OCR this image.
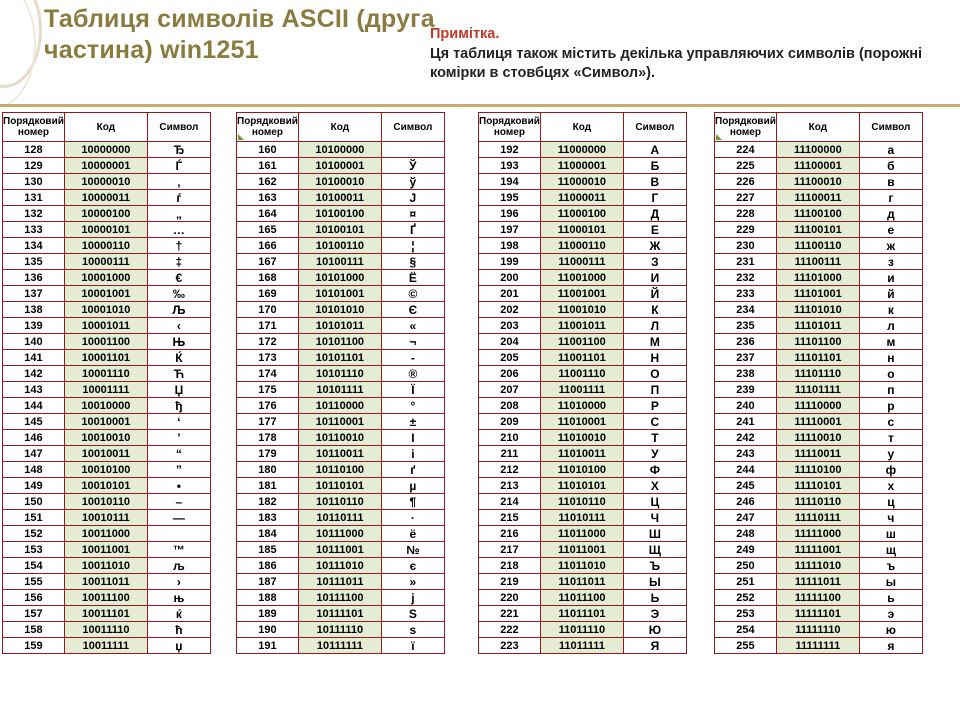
Таблиця символів ASCII (друга частина) win1251
Примітка.
Ця таблиця також містить декілька управляючих символів (порожні комірки в стовбцях «Символ»).
Порядковий номер	Код	Символ
128	10000000	Ђ
129	10000001	Ѓ
130	10000010	‚
131	10000011	ѓ
132	10000100	„
133	10000101	…
134	10000110	†
135	10000111	‡
136	10001000	€
137	10001001	‰
138	10001010	Љ
139	10001011	‹
140	10001100	Њ
141	10001101	Ќ
142	10001110	Ћ
143	10001111	Џ
144	10010000	ђ
145	10010001	‘
146	10010010	’
147	10010011	“
148	10010100	”
149	10010101	•
150	10010110	–
151	10010111	—
152	10011000	
153	10011001	™
154	10011010	љ
155	10011011	›
156	10011100	њ
157	10011101	ќ
158	10011110	ћ
159	10011111	џ
Порядковий номер	Код	Символ
160	10100000	
161	10100001	Ў
162	10100010	ў
163	10100011	Ј
164	10100100	¤
165	10100101	Ґ
166	10100110	¦
167	10100111	§
168	10101000	Ё
169	10101001	©
170	10101010	Є
171	10101011	«
172	10101100	¬
173	10101101	-
174	10101110	®
175	10101111	Ї
176	10110000	°
177	10110001	±
178	10110010	І
179	10110011	і
180	10110100	ґ
181	10110101	µ
182	10110110	¶
183	10110111	·
184	10111000	ё
185	10111001	№
186	10111010	є
187	10111011	»
188	10111100	ј
189	10111101	Ѕ
190	10111110	ѕ
191	10111111	ї
Порядковий номер	Код	Символ
192	11000000	А
193	11000001	Б
194	11000010	В
195	11000011	Г
196	11000100	Д
197	11000101	Е
198	11000110	Ж
199	11000111	З
200	11001000	И
201	11001001	Й
202	11001010	К
203	11001011	Л
204	11001100	М
205	11001101	Н
206	11001110	О
207	11001111	П
208	11010000	Р
209	11010001	С
210	11010010	Т
211	11010011	У
212	11010100	Ф
213	11010101	Х
214	11010110	Ц
215	11010111	Ч
216	11011000	Ш
217	11011001	Щ
218	11011010	Ъ
219	11011011	Ы
220	11011100	Ь
221	11011101	Э
222	11011110	Ю
223	11011111	Я
Порядковий номер	Код	Символ
224	11100000	а
225	11100001	б
226	11100010	в
227	11100011	г
228	11100100	д
229	11100101	е
230	11100110	ж
231	11100111	з
232	11101000	и
233	11101001	й
234	11101010	к
235	11101011	л
236	11101100	м
237	11101101	н
238	11101110	о
239	11101111	п
240	11110000	р
241	11110001	с
242	11110010	т
243	11110011	у
244	11110100	ф
245	11110101	х
246	11110110	ц
247	11110111	ч
248	11111000	ш
249	11111001	щ
250	11111010	ъ
251	11111011	ы
252	11111100	ь
253	11111101	э
254	11111110	ю
255	11111111	я
